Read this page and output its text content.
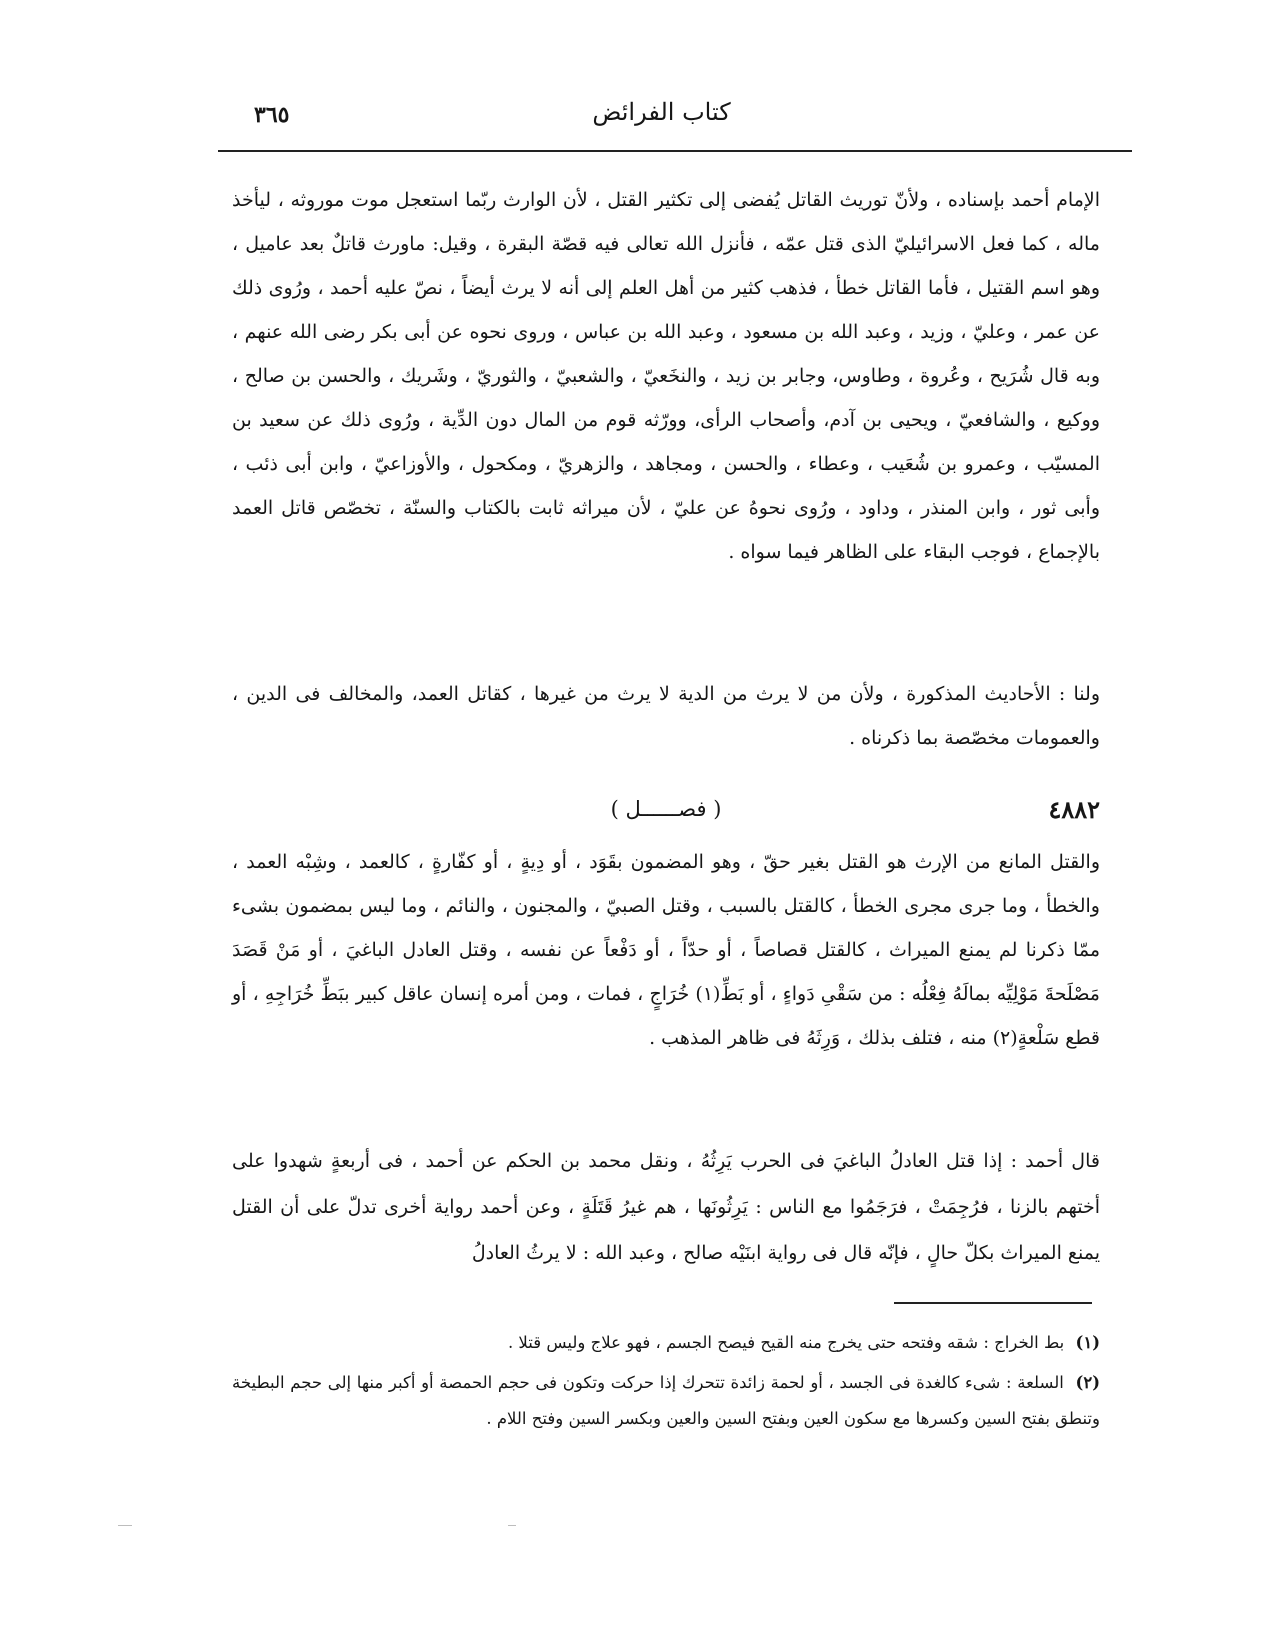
٣٦٥	كتاب الفرائض

الإمام أحمد بإسناده ، ولأنّ توريث القاتل يُفضى إلى تكثير القتل ، لأن الوارث ربّما استعجل موت موروثه ، ليأخذ ماله ، كما فعل الاسرائيليّ الذى قتل عمّه ، فأنزل الله تعالى فيه قصّة البقرة ، وقيل: ماورث قاتلٌ بعد عاميل ، وهو اسم القتيل ، فأما القاتل خطأ ، فذهب كثير من أهل العلم إلى أنه لا يرث أيضاً ، نصّ عليه أحمد ، ورُوى ذلك عن عمر ، وعليّ ، وزيد ، وعبد الله بن مسعود ، وعبد الله بن عباس ، وروى نحوه عن أبى بكر رضى الله عنهم ، وبه قال شُرَيح ، وعُروة ، وطاوس، وجابر بن زيد ، والنخَعيّ ، والشعبيّ ، والثوريّ ، وشَريك ، والحسن بن صالح ، ووكيع ، والشافعيّ ، ويحيى بن آدم، وأصحاب الرأى، وورّثه قوم من المال دون الدِّية ، ورُوى ذلك عن سعيد بن المسيّب ، وعمرو بن شُعَيب ، وعطاء ، والحسن ، ومجاهد ، والزهريّ ، ومكحول ، والأوزاعيّ ، وابن أبى ذئب ، وأبى ثور ، وابن المنذر ، وداود ، ورُوى نحوهُ عن عليّ ، لأن ميراثه ثابت بالكتاب والسنّة ، تخصّص قاتل العمد بالإجماع ، فوجب البقاء على الظاهر فيما سواه .

ولنا : الأحاديث المذكورة ، ولأن من لا يرث من الدية لا يرث من غيرها ، كقاتل العمد، والمخالف فى الدين ، والعمومات مخصّصة بما ذكرناه .

٤٨٨٢
( فصــــــل )

والقتل المانع من الإرث هو القتل بغير حقّ ، وهو المضمون بقَوَد ، أو دِيةٍ ، أو كفّارةٍ ، كالعمد ، وشِبْه العمد ، والخطأ ، وما جرى مجرى الخطأ ، كالقتل بالسبب ، وقتل الصبيّ ، والمجنون ، والنائم ، وما ليس بمضمون بشىء ممّا ذكرنا لم يمنع الميراث ، كالقتل قصاصاً ، أو حدّاً ، أو دَفْعاً عن نفسه ، وقتل العادل الباغيَ ، أو مَنْ قَصَدَ مَصْلَحةَ مَوْلِيِّه بمالَهُ فِعْلُه : من سَقْىِ دَواءٍ ، أو بَطِّ(١) خُرَاجٍ ، فمات ، ومن أمره إنسان عاقل كبير ببَطِّ خُرَاجِهِ ، أو قطع سَلْعةٍ(٢) منه ، فتلف بذلك ، وَرِثَهُ فى ظاهر المذهب .

قال أحمد : إذا قتل العادلُ الباغيَ فى الحرب يَرِثُهُ ، ونقل محمد بن الحكم عن أحمد ، فى أربعةٍ شهدوا على أختهم بالزنا ، فرُجِمَتْ ، فرَجَمُوا مع الناس : يَرِثُونَها ، هم غيرُ قَتَلَةٍ ، وعن أحمد رواية أخرى تدلّ على أن القتل يمنع الميراث بكلّ حالٍ ، فإنّه قال فى رواية ابنَيْه صالح ، وعبد الله : لا يرثُ العادلُ

(١) بط الخراج : شقه وفتحه حتى يخرج منه القيح فيصح الجسم ، فهو علاج وليس قتلا .

(٢) السلعة : شىء كالغدة فى الجسد ، أو لحمة زائدة تتحرك إذا حركت وتكون فى حجم الحمصة أو أكبر منها إلى حجم البطيخة وتنطق بفتح السين وكسرها مع سكون العين وبفتح السين والعين وبكسر السين وفتح اللام .
